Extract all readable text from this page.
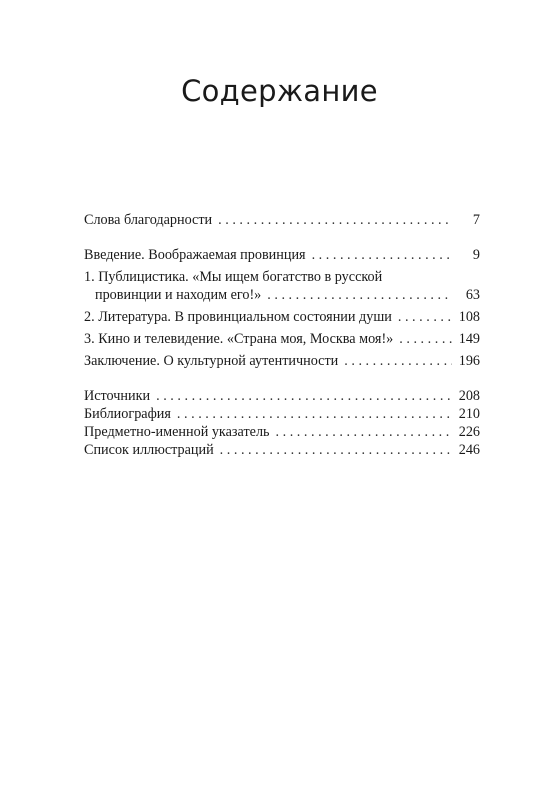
Содержание
Слова благодарности . . .	7
Введение. Воображаемая провинция . . .	9
1. Публицистика. «Мы ищем богатство в русской
провинции и находим его!» . . .	63
2. Литература. В провинциальном состоянии души . . .	108
3. Кино и телевидение. «Страна моя, Москва моя!» . . .	149
Заключение. О культурной аутентичности . . .	196
Источники . . .	208
Библиография . . .	210
Предметно-именной указатель . . .	226
Список иллюстраций . . .	246
